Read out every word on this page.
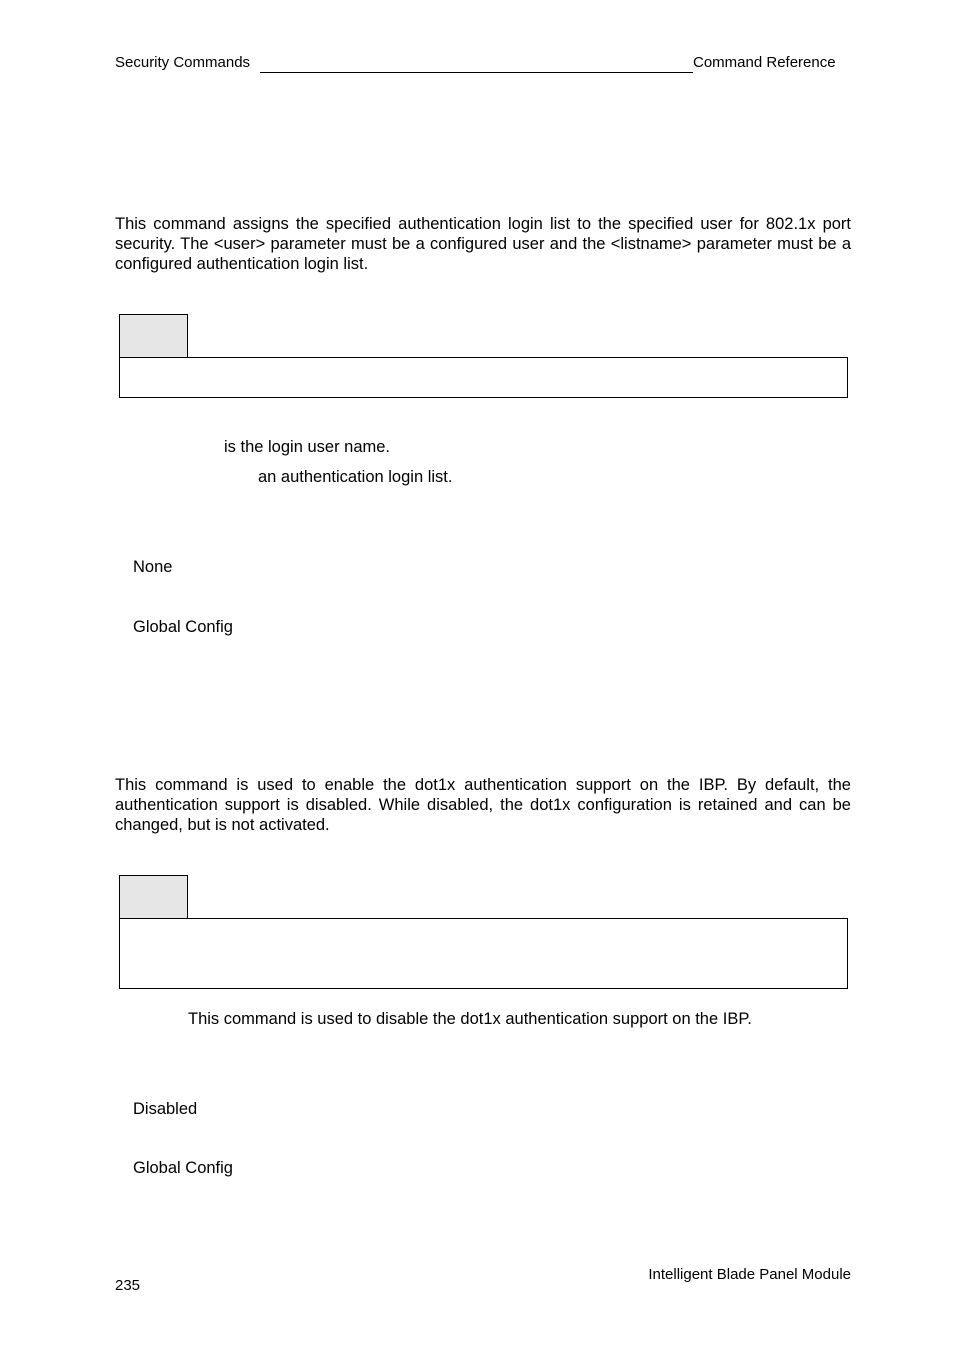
Security Commands	Command Reference
This command assigns the specified authentication login list to the specified user for 802.1x port security. The <user> parameter must be a configured user and the <listname> parameter must be a configured authentication login list.
is the login user name.
an authentication login list.
None
Global Config
This command is used to enable the dot1x authentication support on the IBP. By default, the authentication support is disabled. While disabled, the dot1x configuration is retained and can be changed, but is not activated.
This command is used to disable the dot1x authentication support on the IBP.
Disabled
Global Config
235
Intelligent Blade Panel Module
